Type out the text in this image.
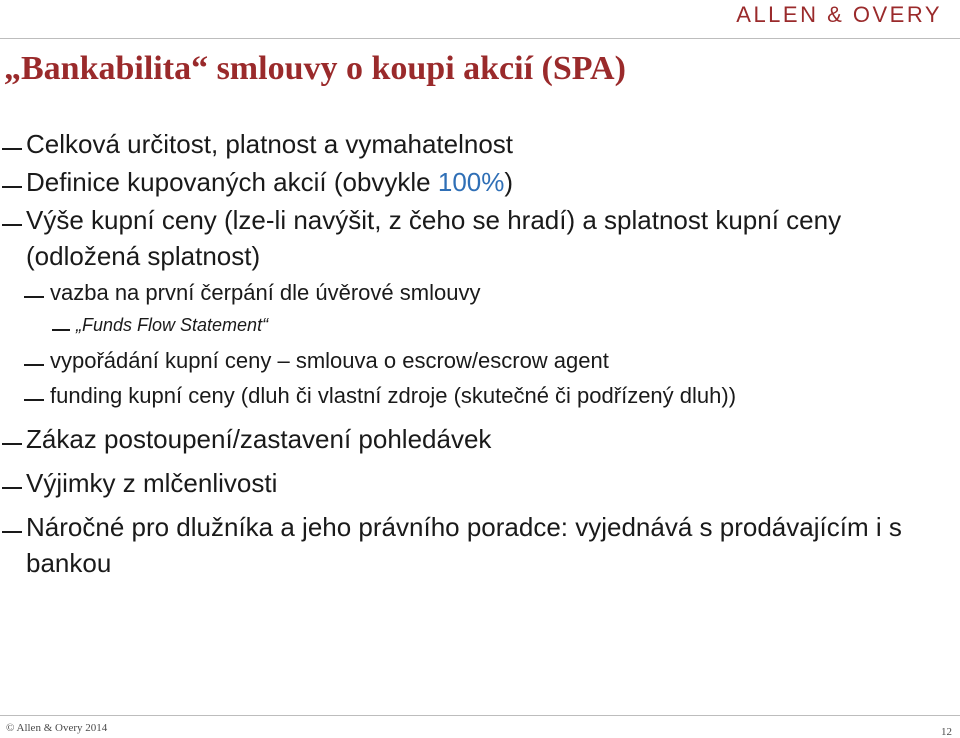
ALLEN & OVERY
„Bankabilita“ smlouvy o koupi akcií (SPA)
Celková určitost, platnost a vymahatelnost
Definice kupovaných akcií (obvykle 100%)
Výše kupní ceny (lze-li navýšit, z čeho se hradí) a splatnost kupní ceny (odložená splatnost)
vazba na první čerpání dle úvěrové smlouvy
„Funds Flow Statement“
vypořádání kupní ceny – smlouva o escrow/escrow agent
funding kupní ceny (dluh či vlastní zdroje (skutečné či podřízený dluh))
Zákaz postoupení/zastavení pohledávek
Výjimky z mlčenlivosti
Náročné pro dlužníka a jeho právního poradce: vyjednává s prodávajícím i s bankou
© Allen & Overy 2014	12
